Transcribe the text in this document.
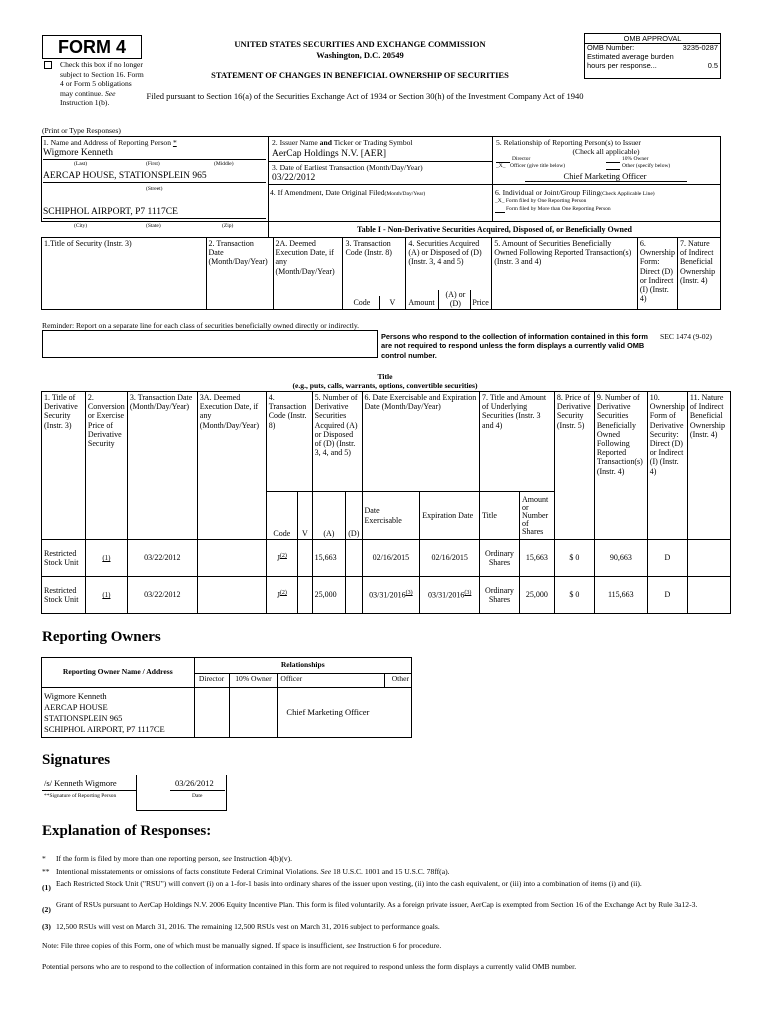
FORM 4
Check this box if no longer subject to Section 16. Form 4 or Form 5 obligations may continue. See Instruction 1(b).
UNITED STATES SECURITIES AND EXCHANGE COMMISSION
Washington, D.C. 20549
STATEMENT OF CHANGES IN BENEFICIAL OWNERSHIP OF SECURITIES
Filed pursuant to Section 16(a) of the Securities Exchange Act of 1934 or Section 30(h) of the Investment Company Act of 1940
OMB APPROVAL
OMB Number:	3235-0287
Estimated average burden
hours per response...	0.5
(Print or Type Responses)
1. Name and Address of Reporting Person *
Wigmore Kenneth
(Last)	(First)	(Middle)
AERCAP HOUSE, STATIONSPLEIN 965
(Street)
SCHIPHOL AIRPORT, P7 1117CE
(City)	(State)	(Zip)
2. Issuer Name and Ticker or Trading Symbol
AerCap Holdings N.V. [AER]
3. Date of Earliest Transaction (Month/Day/Year)
03/22/2012
4. If Amendment, Date Original Filed(Month/Day/Year)
5. Relationship of Reporting Person(s) to Issuer
(Check all applicable)
Director	10% Owner
_X_ Officer (give title below)	Other (specify below)
Chief Marketing Officer
6. Individual or Joint/Group Filing(Check Applicable Line)
_X_ Form filed by One Reporting Person
Form filed by More than One Reporting Person
Table I - Non-Derivative Securities Acquired, Disposed of, or Beneficially Owned
1.Title of Security (Instr. 3)	2. Transaction Date (Month/Day/Year)	2A. Deemed Execution Date, if any (Month/Day/Year)	
3. Transaction Code (Instr. 8)
Code V

4. Securities Acquired (A) or Disposed of (D) (Instr. 3, 4 and 5)
Amount
(A) or (D)	Price
	5. Amount of Securities Beneficially Owned Following Reported Transaction(s) (Instr. 3 and 4)	6. Ownership Form: Direct (D) or Indirect (I) (Instr. 4)	7. Nature of Indirect Beneficial Ownership (Instr. 4)
Reminder: Report on a separate line for each class of securities beneficially owned directly or indirectly.
Persons who respond to the collection of information contained in this form are not required to respond unless the form displays a currently valid OMB control number.
SEC 1474 (9-02)
Title
(e.g., puts, calls, warrants, options, convertible securities)
1. Title of Derivative Security (Instr. 3)	2. Conversion or Exercise Price of Derivative Security	3. Transaction Date (Month/Day/Year)	3A. Deemed Execution Date, if any (Month/Day/Year)	4. Transaction Code (Instr. 8)		5. Number of Derivative Securities Acquired (A) or Disposed of (D) (Instr. 3, 4, and 5)		6. Date Exercisable and Expiration Date (Month/Day/Year)		7. Title and Amount of Underlying Securities (Instr. 3 and 4)		8. Price of Derivative Security (Instr. 5)	9. Number of Derivative Securities Beneficially Owned Following Reported Transaction(s) (Instr. 4)	10. Ownership Form of Derivative Security: Direct (D) or Indirect (I) (Instr. 4)	11. Nature of Indirect Beneficial Ownership (Instr. 4)
				Code	V	(A)	(D)	Date Exercisable	Expiration Date	Title	Amount or Number of Shares				
Restricted Stock Unit	(1)	03/22/2012		$J^{(2)}$		15,663		02/16/2015	02/16/2015	Ordinary Shares	15,663	$ 0	90,663	D	
Restricted Stock Unit	(1)	03/22/2012		$J^{(2)}$		25,000		03/31/2016$^{(3)}$	03/31/2016$^{(3)}$	Ordinary Shares	25,000	$ 0	115,663	D	
Reporting Owners
Reporting Owner Name / Address	Relationships			
	Director	10% Owner	Officer	Other

Wigmore Kenneth
AERCAP HOUSE
STATIONSPLEIN 965
SCHIPHOL AIRPORT, P7 1117CE			Chief Marketing Officer	
Signatures
/s/ Kenneth Wigmore
**Signature of Reporting Person
03/26/2012
Date
Explanation of Responses:
* If the form is filed by more than one reporting person, see Instruction 4(b)(v).
** Intentional misstatements or omissions of facts constitute Federal Criminal Violations. See 18 U.S.C. 1001 and 15 U.S.C. 78ff(a).
(1) Each Restricted Stock Unit ("RSU") will convert (i) on a 1-for-1 basis into ordinary shares of the issuer upon vesting, (ii) into the cash equivalent, or (iii) into a combination of items (i) and (ii).
(2)
Grant of RSUs pursuant to AerCap Holdings N.V. 2006 Equity Incentive Plan. This form is filed voluntarily. As a foreign private issuer, AerCap is exempted from Section 16 of the Exchange Act by Rule 3a12-3.
(3) 12,500 RSUs will vest on March 31, 2016. The remaining 12,500 RSUs vest on March 31, 2016 subject to performance goals.
Note: File three copies of this Form, one of which must be manually signed. If space is insufficient, see Instruction 6 for procedure.
Potential persons who are to respond to the collection of information contained in this form are not required to respond unless the form displays a currently valid OMB number.
